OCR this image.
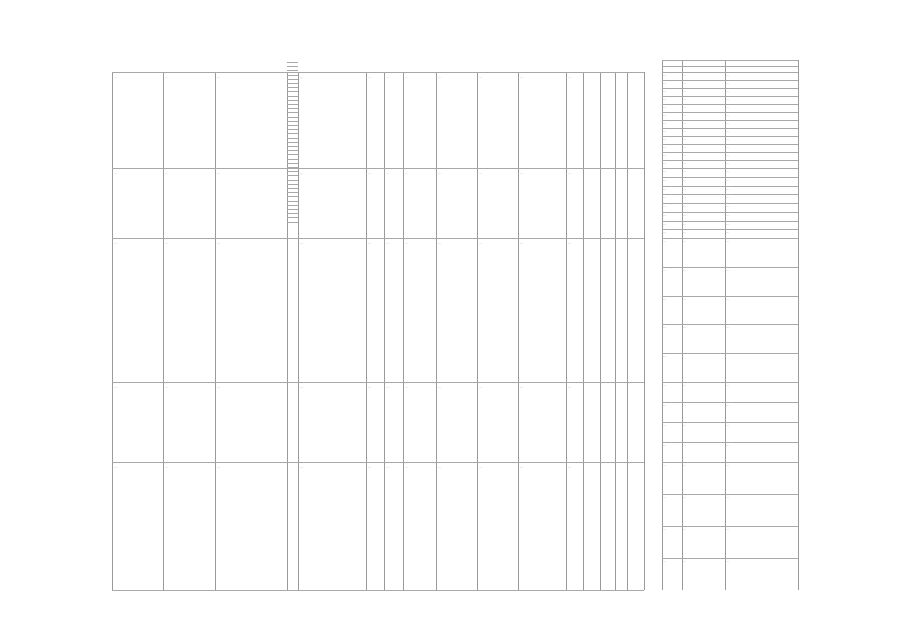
…	…	…	…	…	…	…	…	…	…	…	…	…	…
…	…	…
…	…	…
…	…	…
…	…	…
…	…	…
…	…	…
…	…	…
…	…	…
…	…	…
…	…	…
…	…	…
…	…	…	…	…	…	…	…	…	…	…	…	…	…
…	…	…
…	…	…
…	…	…
…	…	…
…	…	…
…	…	…
…	…	…
…	…	…	…	…	…	…	…	…	…	…	…	…	…
…	…	…
…	…	…
…	…	…
…
…	…	…	…	…	…	…	…	…	…	…	…	…	…
…	…	…
…	…	…
…	…	…
…	…	…	…	…	…	…	…	…	…	…	…	…	…
…	…	…
…	…	…
…	…	…
